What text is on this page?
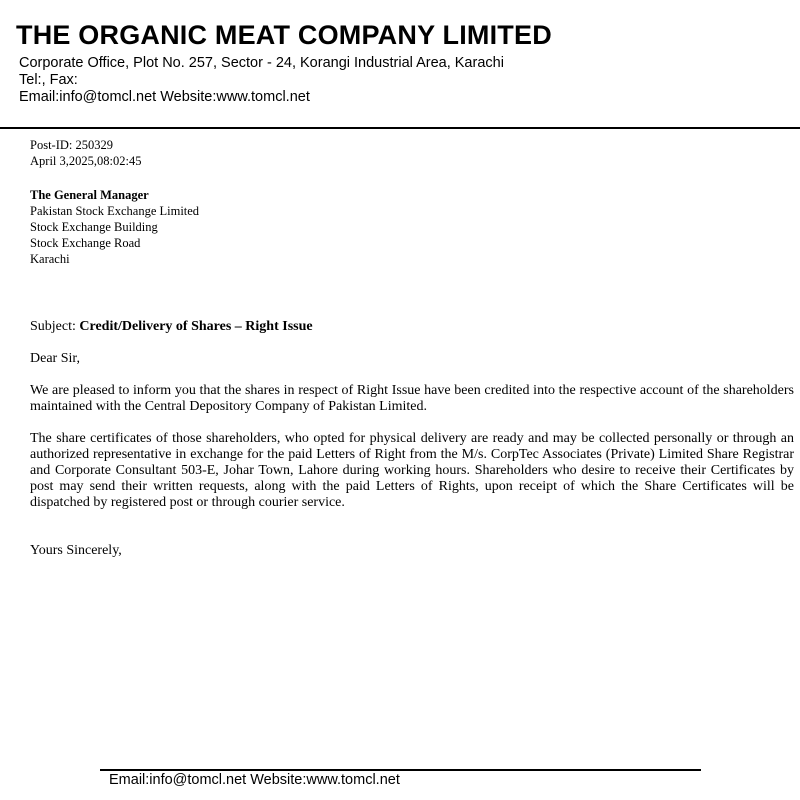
THE ORGANIC MEAT COMPANY LIMITED
Corporate Office, Plot No. 257, Sector - 24, Korangi Industrial Area, Karachi
Tel:, Fax:
Email:info@tomcl.net Website:www.tomcl.net
Post-ID: 250329
April 3,2025,08:02:45
The General Manager
Pakistan Stock Exchange Limited
Stock Exchange Building
Stock Exchange Road
Karachi
Subject: Credit/Delivery of Shares – Right Issue
Dear Sir,
We are pleased to inform you that the shares in respect of Right Issue have been credited into the respective account of the shareholders maintained with the Central Depository Company of Pakistan Limited.
The share certificates of those shareholders, who opted for physical delivery are ready and may be collected personally or through an authorized representative in exchange for the paid Letters of Right from the M/s. CorpTec Associates (Private) Limited Share Registrar and Corporate Consultant 503-E, Johar Town, Lahore during working hours. Shareholders who desire to receive their Certificates by post may send their written requests, along with the paid Letters of Rights, upon receipt of which the Share Certificates will be dispatched by registered post or through courier service.
Yours Sincerely,
Email:info@tomcl.net Website:www.tomcl.net
